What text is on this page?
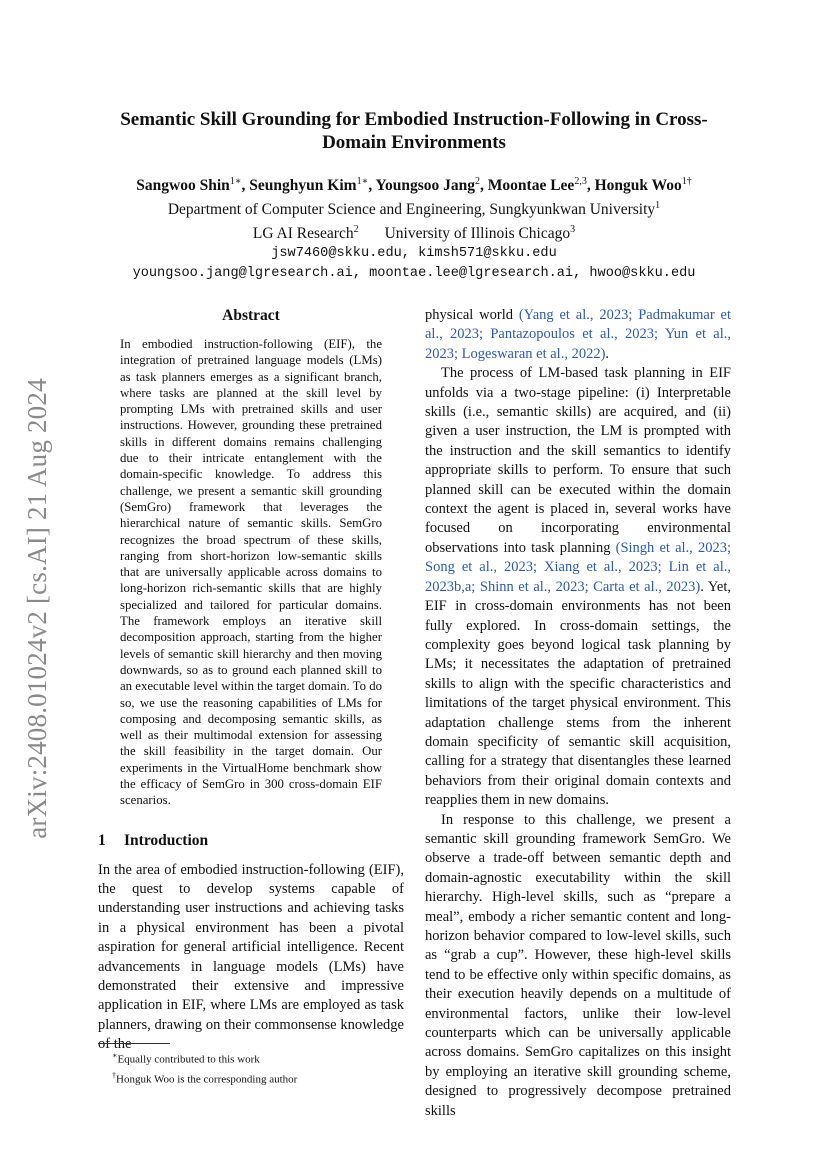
arXiv:2408.01024v2 [cs.AI] 21 Aug 2024
Semantic Skill Grounding for Embodied Instruction-Following in Cross-Domain Environments
Sangwoo Shin$^{1∗}$, Seunghyun Kim$^{1∗}$, Youngsoo Jang$^2$, Moontae Lee$^{2,3}$, Honguk Woo$^{1\dagger}$
Department of Computer Science and Engineering, Sungkyunkwan University$^1$
LG AI Research$^2$ University of Illinois Chicago$^3$
jsw7460@skku.edu, kimsh571@skku.edu
youngsoo.jang@lgresearch.ai, moontae.lee@lgresearch.ai, hwoo@skku.edu
Abstract

In embodied instruction-following (EIF), the integration of pretrained language models (LMs) as task planners emerges as a significant branch, where tasks are planned at the skill level by prompting LMs with pretrained skills and user instructions. However, grounding these pretrained skills in different domains remains challenging due to their intricate entanglement with the domain-specific knowledge. To address this challenge, we present a semantic skill grounding (SemGro) framework that leverages the hierarchical nature of semantic skills. SemGro recognizes the broad spectrum of these skills, ranging from short-horizon low-semantic skills that are universally applicable across domains to long-horizon rich-semantic skills that are highly specialized and tailored for particular domains. The framework employs an iterative skill decomposition approach, starting from the higher levels of semantic skill hierarchy and then moving downwards, so as to ground each planned skill to an executable level within the target domain. To do so, we use the reasoning capabilities of LMs for composing and decomposing semantic skills, as well as their multimodal extension for assessing the skill feasibility in the target domain. Our experiments in the VirtualHome benchmark show the efficacy of SemGro in 300 cross-domain EIF scenarios.

1 Introduction

In the area of embodied instruction-following (EIF), the quest to develop systems capable of understanding user instructions and achieving tasks in a physical environment has been a pivotal aspiration for general artificial intelligence. Recent advancements in language models (LMs) have demonstrated their extensive and impressive application in EIF, where LMs are employed as task planners, drawing on their commonsense knowledge of the

physical world (Yang et al., 2023; Padmakumar et al., 2023; Pantazopoulos et al., 2023; Yun et al., 2023; Logeswaran et al., 2022).

The process of LM-based task planning in EIF unfolds via a two-stage pipeline: (i) Interpretable skills (i.e., semantic skills) are acquired, and (ii) given a user instruction, the LM is prompted with the instruction and the skill semantics to identify appropriate skills to perform. To ensure that such planned skill can be executed within the domain context the agent is placed in, several works have focused on incorporating environmental observations into task planning (Singh et al., 2023; Song et al., 2023; Xiang et al., 2023; Lin et al., 2023b,a; Shinn et al., 2023; Carta et al., 2023). Yet, EIF in cross-domain environments has not been fully explored. In cross-domain settings, the complexity goes beyond logical task planning by LMs; it necessitates the adaptation of pretrained skills to align with the specific characteristics and limitations of the target physical environment. This adaptation challenge stems from the inherent domain specificity of semantic skill acquisition, calling for a strategy that disentangles these learned behaviors from their original domain contexts and reapplies them in new domains.

In response to this challenge, we present a semantic skill grounding framework SemGro. We observe a trade-off between semantic depth and domain-agnostic executability within the skill hierarchy. High-level skills, such as “prepare a meal”, embody a richer semantic content and long-horizon behavior compared to low-level skills, such as “grab a cup”. However, these high-level skills tend to be effective only within specific domains, as their execution heavily depends on a multitude of environmental factors, unlike their low-level counterparts which can be universally applicable across domains. SemGro capitalizes on this insight by employing an iterative skill grounding scheme, designed to progressively decompose pretrained skills

∗Equally contributed to this work

†Honguk Woo is the corresponding author
